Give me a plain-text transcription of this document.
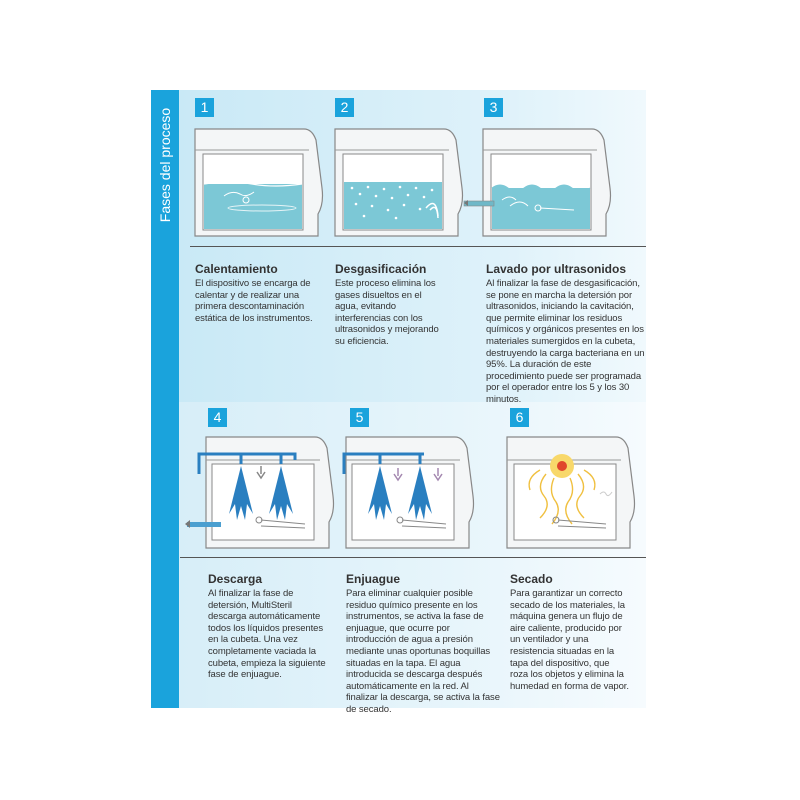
Fases del proceso
1
Calentamiento
El dispositivo se encarga de calentar y de realizar una primera descontaminación estática de los instrumentos.
2
Desgasificación
Este proceso elimina los gases disueltos en el agua, evitando interferencias con los ultrasonidos y mejorando su eficiencia.
3
Lavado por ultrasonidos
Al finalizar la fase de desgasificación, se pone en marcha la detersión por ultrasonidos, iniciando la cavitación, que permite eliminar los residuos químicos y orgánicos presentes en los materiales sumergidos en la cubeta, destruyendo la carga bacteriana en un 95%. La duración de este procedimiento puede ser programada por el operador entre los 5 y los 30 minutos.
4
Descarga
Al finalizar la fase de detersión, MultiSteril descarga automáticamente todos los líquidos presentes en la cubeta. Una vez completamente vaciada la cubeta, empieza la siguiente fase de enjuague.
5
Enjuague
Para eliminar cualquier posible residuo químico presente en los instrumentos, se activa la fase de enjuague, que ocurre por introducción de agua a presión mediante unas oportunas boquillas situadas en la tapa. El agua introducida se descarga después automáticamente en la red. Al finalizar la descarga, se activa la fase de secado.
6
Secado
Para garantizar un correcto secado de los materiales, la máquina genera un flujo de aire caliente, producido por un ventilador y una resistencia situadas en la tapa del dispositivo, que roza los objetos y elimina la humedad en forma de vapor.
